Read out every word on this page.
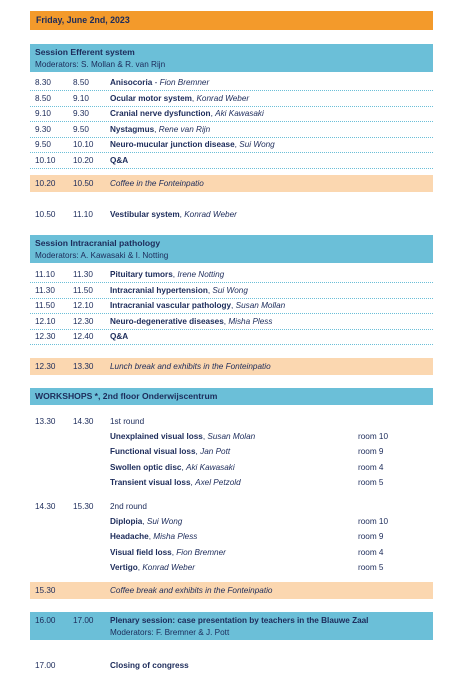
Friday, June 2nd, 2023
Session Efferent system
Moderators: S. Mollan & R. van Rijn
8.30	8.50	Anisocoria - Fion Bremner
8.50	9.10	Ocular motor system, Konrad Weber
9.10	9.30	Cranial nerve dysfunction, Aki Kawasaki
9.30	9.50	Nystagmus, Rene van Rijn
9.50	10.10 Neuro-mucular junction disease, Sui Wong
10.10 10.20 Q&A
10.20 10.50 Coffee in the Fonteinpatio
10.50 11.10 Vestibular system, Konrad Weber
Session Intracranial pathology
Moderators: A. Kawasaki & I. Notting
11.10 11.30 Pituitary tumors, Irene Notting
11.30 11.50 Intracranial hypertension, Sui Wong
11.50 12.10 Intracranial vascular pathology, Susan Mollan
12.10 12.30 Neuro-degenerative diseases, Misha Pless
12.30 12.40 Q&A
12.30 13.30 Lunch break and exhibits in the Fonteinpatio
WORKSHOPS *, 2nd floor Onderwijscentrum
13.30 14.30 1st round
Unexplained visual loss, Susan Molan	room 10
Functional visual loss, Jan Pott	room 9
Swollen optic disc, Aki Kawasaki	room 4
Transient visual loss, Axel Petzold	room 5
14.30 15.30 2nd round
Diplopia, Sui Wong	room 10
Headache, Misha Pless	room 9
Visual field loss, Fion Bremner	room 4
Vertigo, Konrad Weber	room 5
15.30	Coffee break and exhibits in the Fonteinpatio
16.00 17.00 Plenary session: case presentation by teachers in the Blauwe Zaal
Moderators: F. Bremner & J. Pott
17.00	Closing of congress
